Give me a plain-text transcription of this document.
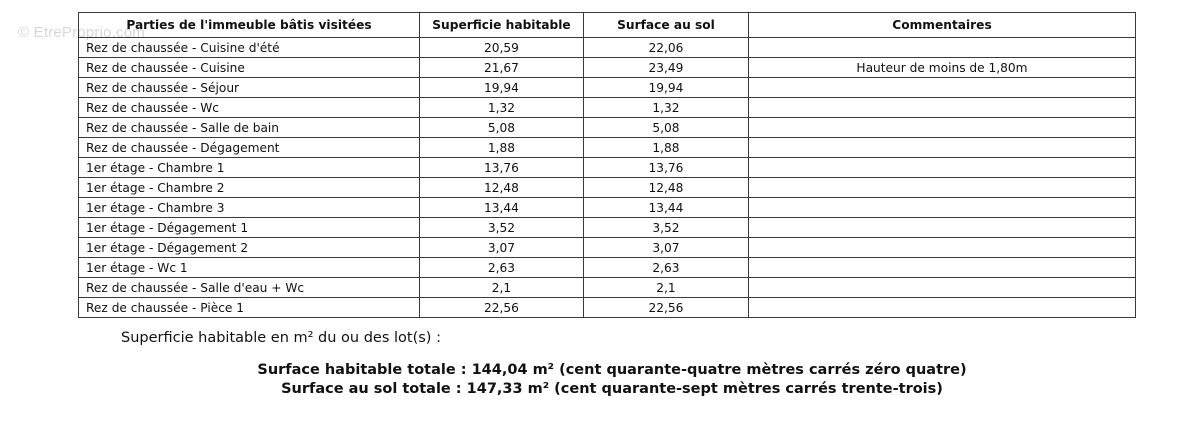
© EtreProprio.com
Parties de l'immeuble bâtis visitées	Superficie habitable	Surface au sol	Commentaires
Rez de chaussée - Cuisine d'été	20,59	22,06	
Rez de chaussée - Cuisine	21,67	23,49	Hauteur de moins de 1,80m
Rez de chaussée - Séjour	19,94	19,94	
Rez de chaussée - Wc	1,32	1,32	
Rez de chaussée - Salle de bain	5,08	5,08	
Rez de chaussée - Dégagement	1,88	1,88	
1er étage - Chambre 1	13,76	13,76	
1er étage - Chambre 2	12,48	12,48	
1er étage - Chambre 3	13,44	13,44	
1er étage - Dégagement 1	3,52	3,52	
1er étage - Dégagement 2	3,07	3,07	
1er étage - Wc 1	2,63	2,63	
Rez de chaussée - Salle d'eau + Wc	2,1	2,1	
Rez de chaussée - Pièce 1	22,56	22,56	
Superficie habitable en m² du ou des lot(s) :
Surface habitable totale : 144,04 m² (cent quarante-quatre mètres carrés zéro quatre)
Surface au sol totale : 147,33 m² (cent quarante-sept mètres carrés trente-trois)
